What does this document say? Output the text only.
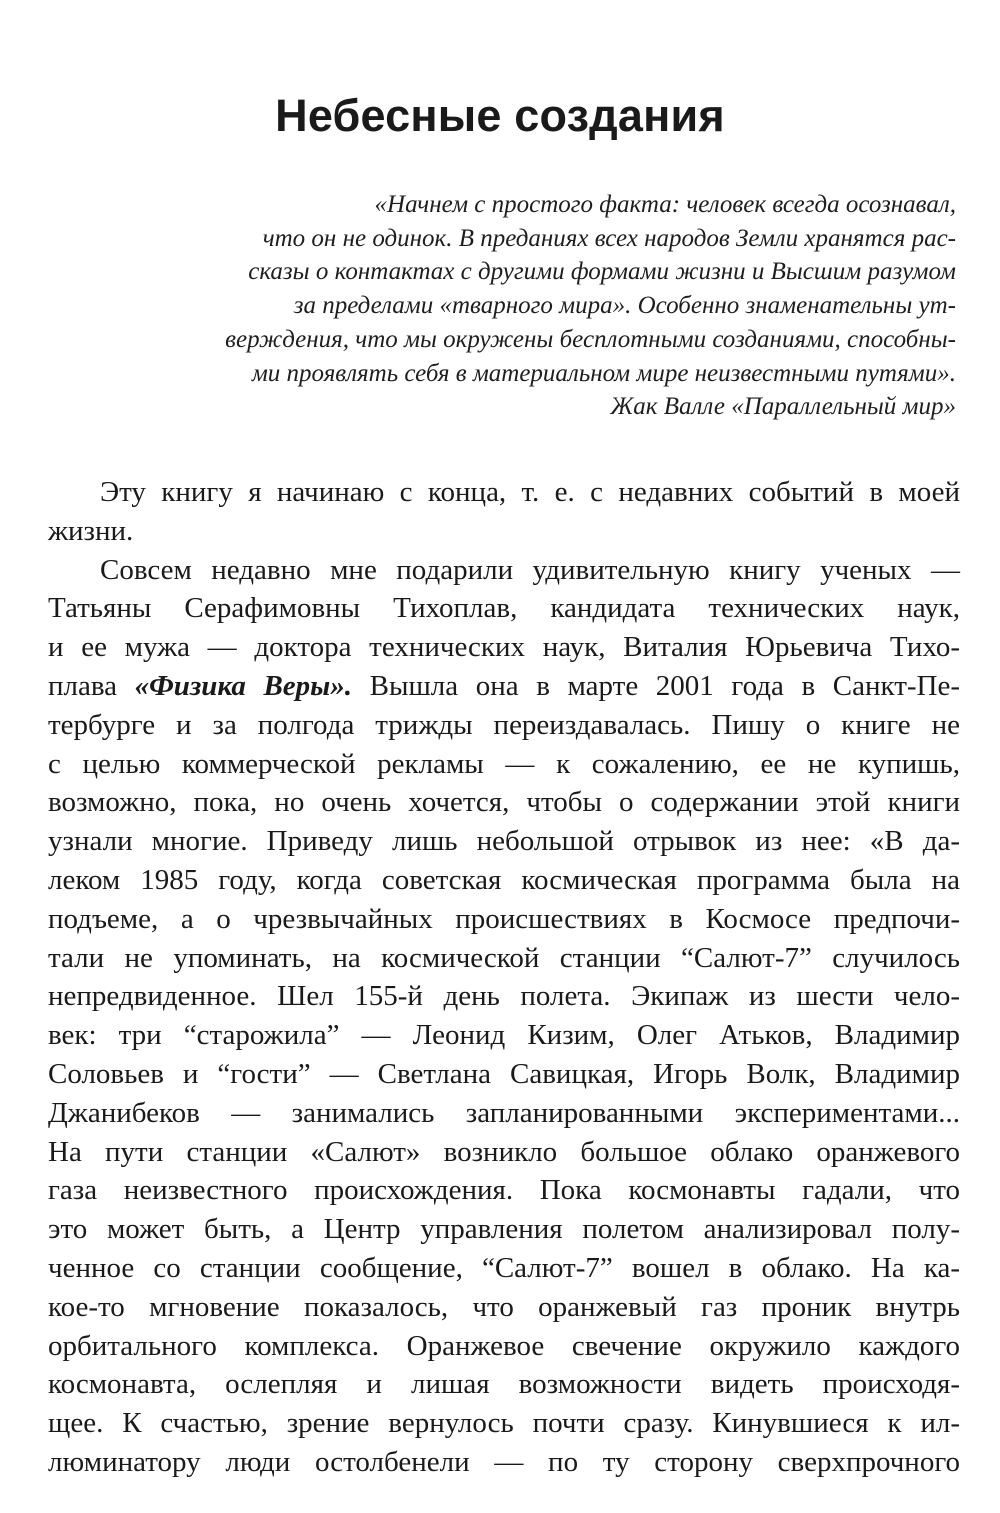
Небесные создания
«Начнем с простого факта: человек всегда осознавал,
что он не одинок. В преданиях всех народов Земли хранятся рас-
сказы о контактах с другими формами жизни и Высшим разумом
за пределами «тварного мира». Особенно знаменательны ут-
верждения, что мы окружены бесплотными созданиями, способны-
ми проявлять себя в материальном мире неизвестными путями».
Жак Валле «Параллельный мир»
Эту книгу я начинаю с конца, т. е. с недавних событий в моей
жизни.
Совсем недавно мне подарили удивительную книгу ученых —
Татьяны Серафимовны Тихоплав, кандидата технических наук,
и ее мужа — доктора технических наук, Виталия Юрьевича Тихо-
плава «Физика Веры». Вышла она в марте 2001 года в Санкт-Пе-
тербурге и за полгода трижды переиздавалась. Пишу о книге не
с целью коммерческой рекламы — к сожалению, ее не купишь,
возможно, пока, но очень хочется, чтобы о содержании этой книги
узнали многие. Приведу лишь небольшой отрывок из нее: «В да-
леком 1985 году, когда советская космическая программа была на
подъеме, а о чрезвычайных происшествиях в Космосе предпочи-
тали не упоминать, на космической станции “Салют-7” случилось
непредвиденное. Шел 155-й день полета. Экипаж из шести чело-
век: три “старожила” — Леонид Кизим, Олег Атьков, Владимир
Соловьев и “гости” — Светлана Савицкая, Игорь Волк, Владимир
Джанибеков — занимались запланированными экспериментами...
На пути станции «Салют» возникло большое облако оранжевого
газа неизвестного происхождения. Пока космонавты гадали, что
это может быть, а Центр управления полетом анализировал полу-
ченное со станции сообщение, “Салют-7” вошел в облако. На ка-
кое-то мгновение показалось, что оранжевый газ проник внутрь
орбитального комплекса. Оранжевое свечение окружило каждого
космонавта, ослепляя и лишая возможности видеть происходя-
щее. К счастью, зрение вернулось почти сразу. Кинувшиеся к ил-
люминатору люди остолбенели — по ту сторону сверхпрочного
